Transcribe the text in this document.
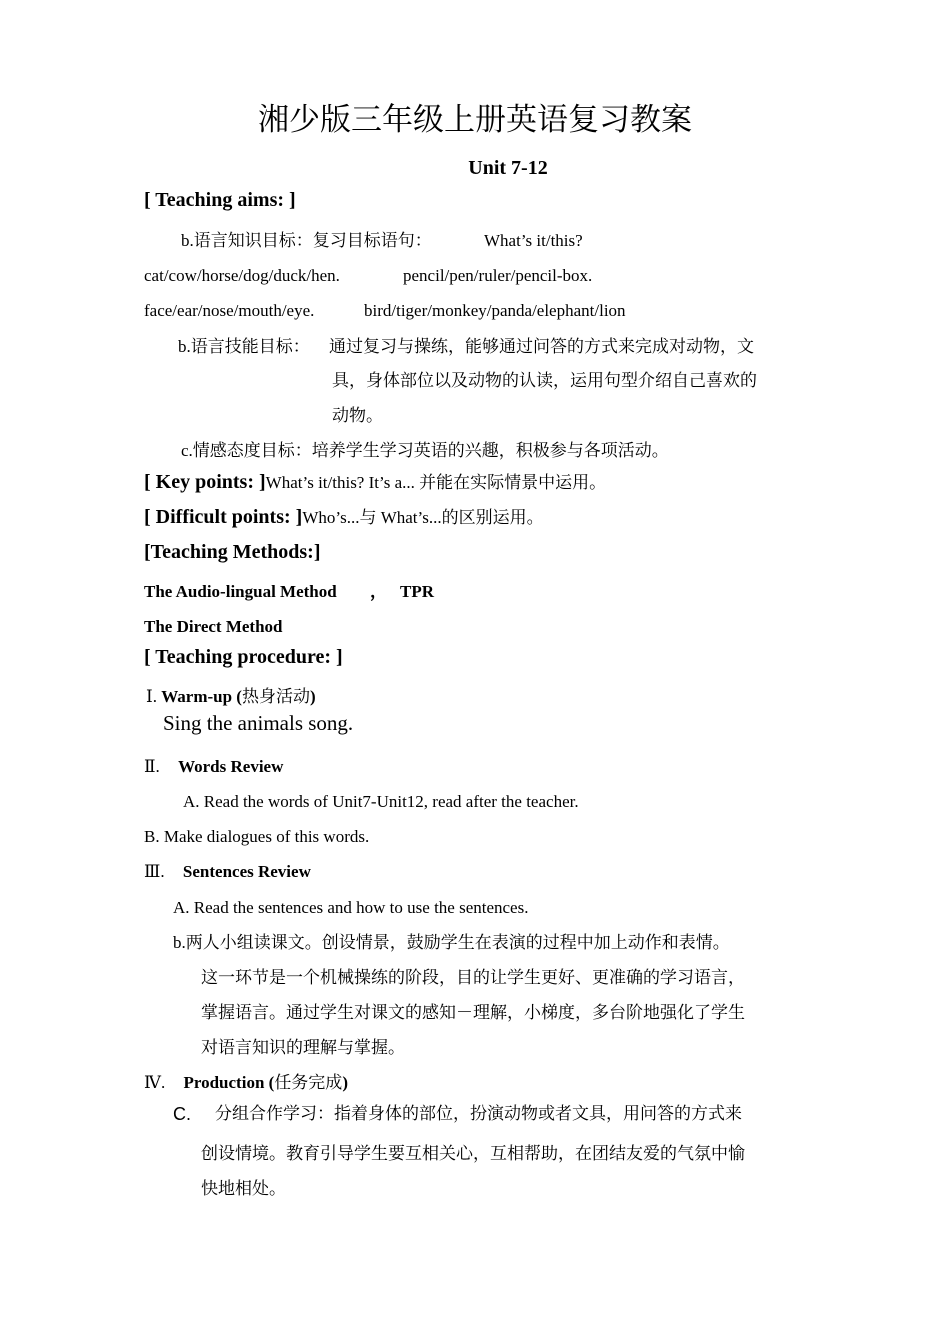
湘少版三年级上册英语复习教案
Unit 7-12
[ Teaching aims: ]
b.语言知识目标：复习目标语句：	What’s it/this?
cat/cow/horse/dog/duck/hen.	pencil/pen/ruler/pencil-box.
face/ear/nose/mouth/eye.	bird/tiger/monkey/panda/elephant/lion
b.语言技能目标： 通过复习与操练，能够通过问答的方式来完成对动物，文
具，身体部位以及动物的认读，运用句型介绍自己喜欢的
动物。
c.情感态度目标：培养学生学习英语的兴趣，积极参与各项活动。
[ Key points: ]What’s it/this? It’s a... 并能在实际情景中运用。
[ Difficult points: ]Who’s...与 What’s...的区别运用。
[Teaching Methods:]
The Audio-lingual Method ， TPR
The Direct Method
[ Teaching procedure: ]
Ⅰ. Warm-up (热身活动)
Sing the animals song.
Ⅱ. Words Review
A. Read the words of Unit7-Unit12, read after the teacher.
B. Make dialogues of this words.
Ⅲ. Sentences Review
A. Read the sentences and how to use the sentences.
b.两人小组读课文。创设情景，鼓励学生在表演的过程中加上动作和表情。
这一环节是一个机械操练的阶段，目的让学生更好、更准确的学习语言，
掌握语言。通过学生对课文的感知－理解，小梯度，多台阶地强化了学生
对语言知识的理解与掌握。
Ⅳ. Production (任务完成)
C. 分组合作学习：指着身体的部位，扮演动物或者文具，用问答的方式来
创设情境。教育引导学生要互相关心，互相帮助，在团结友爱的气氛中愉
快地相处。
